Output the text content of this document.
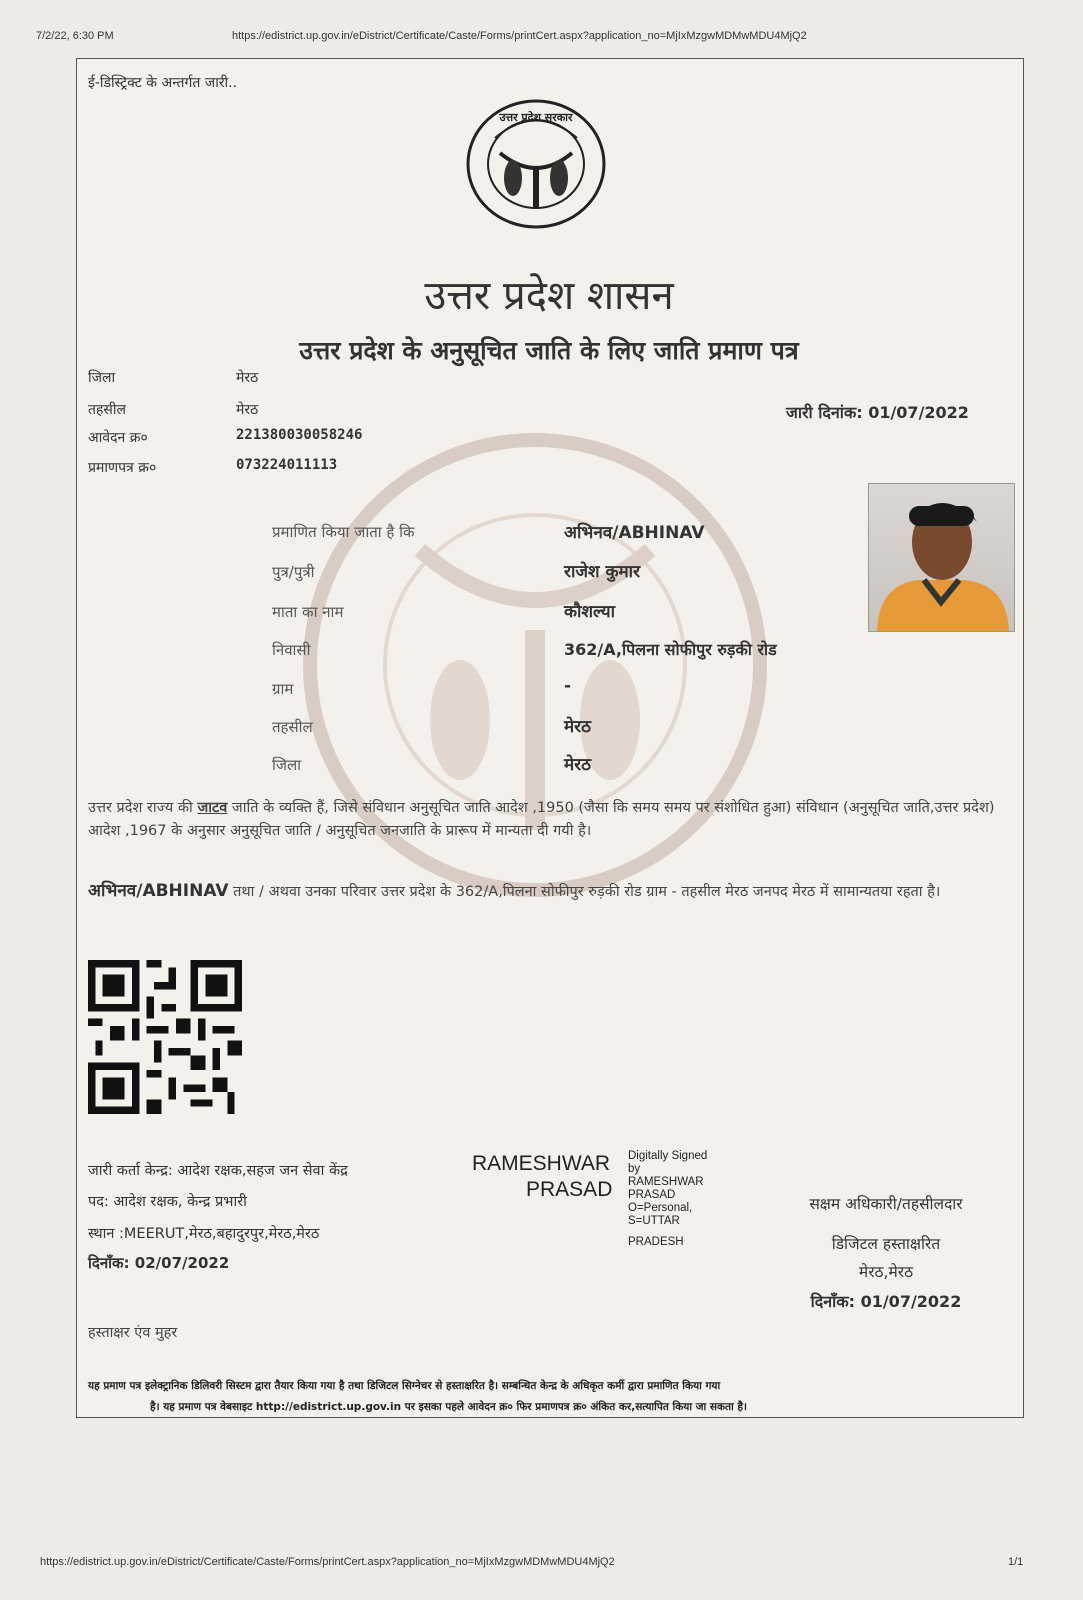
7/2/22, 6:30 PM	https://edistrict.up.gov.in/eDistrict/Certificate/Caste/Forms/printCert.aspx?application_no=MjIxMzgwMDMwMDU4MjQ2
ई-डिस्ट्रिक्ट के अन्तर्गत जारी..
उत्तर प्रदेश सरकार
उत्तर प्रदेश शासन
उत्तर प्रदेश के अनुसूचित जाति के लिए जाति प्रमाण पत्र
जिला	मेरठ
तहसील	मेरठ
आवेदन क्र०	221380030058246
प्रमाणपत्र क्र०	073224011113
जारी दिनांक: 01/07/2022
प्रमाणित किया जाता है कि	अभिनव/ABHINAV
पुत्र/पुत्री	राजेश कुमार
माता का नाम	कौशल्या
निवासी	362/A,पिलना सोफीपुर रुड़की रोड
ग्राम	-
तहसील	मेरठ
जिला	मेरठ
उत्तर प्रदेश राज्य की जाटव जाति के व्यक्ति हैं, जिसे संविधान अनुसूचित जाति आदेश ,1950 (जैसा कि समय समय पर संशोधित हुआ) संविधान (अनुसूचित जाति,उत्तर प्रदेश) आदेश ,1967 के अनुसार अनुसूचित जाति / अनुसूचित जनजाति के प्रारूप में मान्यता दी गयी है।
अभिनव/ABHINAV तथा / अथवा उनका परिवार उत्तर प्रदेश के 362/A,पिलना सोफीपुर रुड़की रोड ग्राम - तहसील मेरठ जनपद मेरठ में सामान्यतया रहता है।
जारी कर्ता केन्द्र: आदेश रक्षक,सहज जन सेवा केंद्र
पद: आदेश रक्षक, केन्द्र प्रभारी
स्थान :MEERUT,मेरठ,बहादुरपुर,मेरठ,मेरठ
दिनाँक: 02/07/2022
RAMESHWAR
PRASAD
Digitally Signed
by
RAMESHWAR
PRASAD
O=Personal,
S=UTTAR
PRADESH
सक्षम अधिकारी/तहसीलदार
डिजिटल हस्ताक्षरित
मेरठ,मेरठ
दिनाँक: 01/07/2022
हस्ताक्षर एंव मुहर
यह प्रमाण पत्र इलेक्ट्रानिक डिलिवरी सिस्टम द्वारा तैयार किया गया है तथा डिजिटल सिग्नेचर से हस्ताक्षरित है। सम्बन्धित केन्द्र के अधिकृत कर्मी द्वारा प्रमाणित किया गया
है। यह प्रमाण पत्र वेबसाइट http://edistrict.up.gov.in पर इसका पहले आवेदन क्र० फिर प्रमाणपत्र क्र० अंकित कर,सत्यापित किया जा सकता है।
https://edistrict.up.gov.in/eDistrict/Certificate/Caste/Forms/printCert.aspx?application_no=MjIxMzgwMDMwMDU4MjQ2	1/1
